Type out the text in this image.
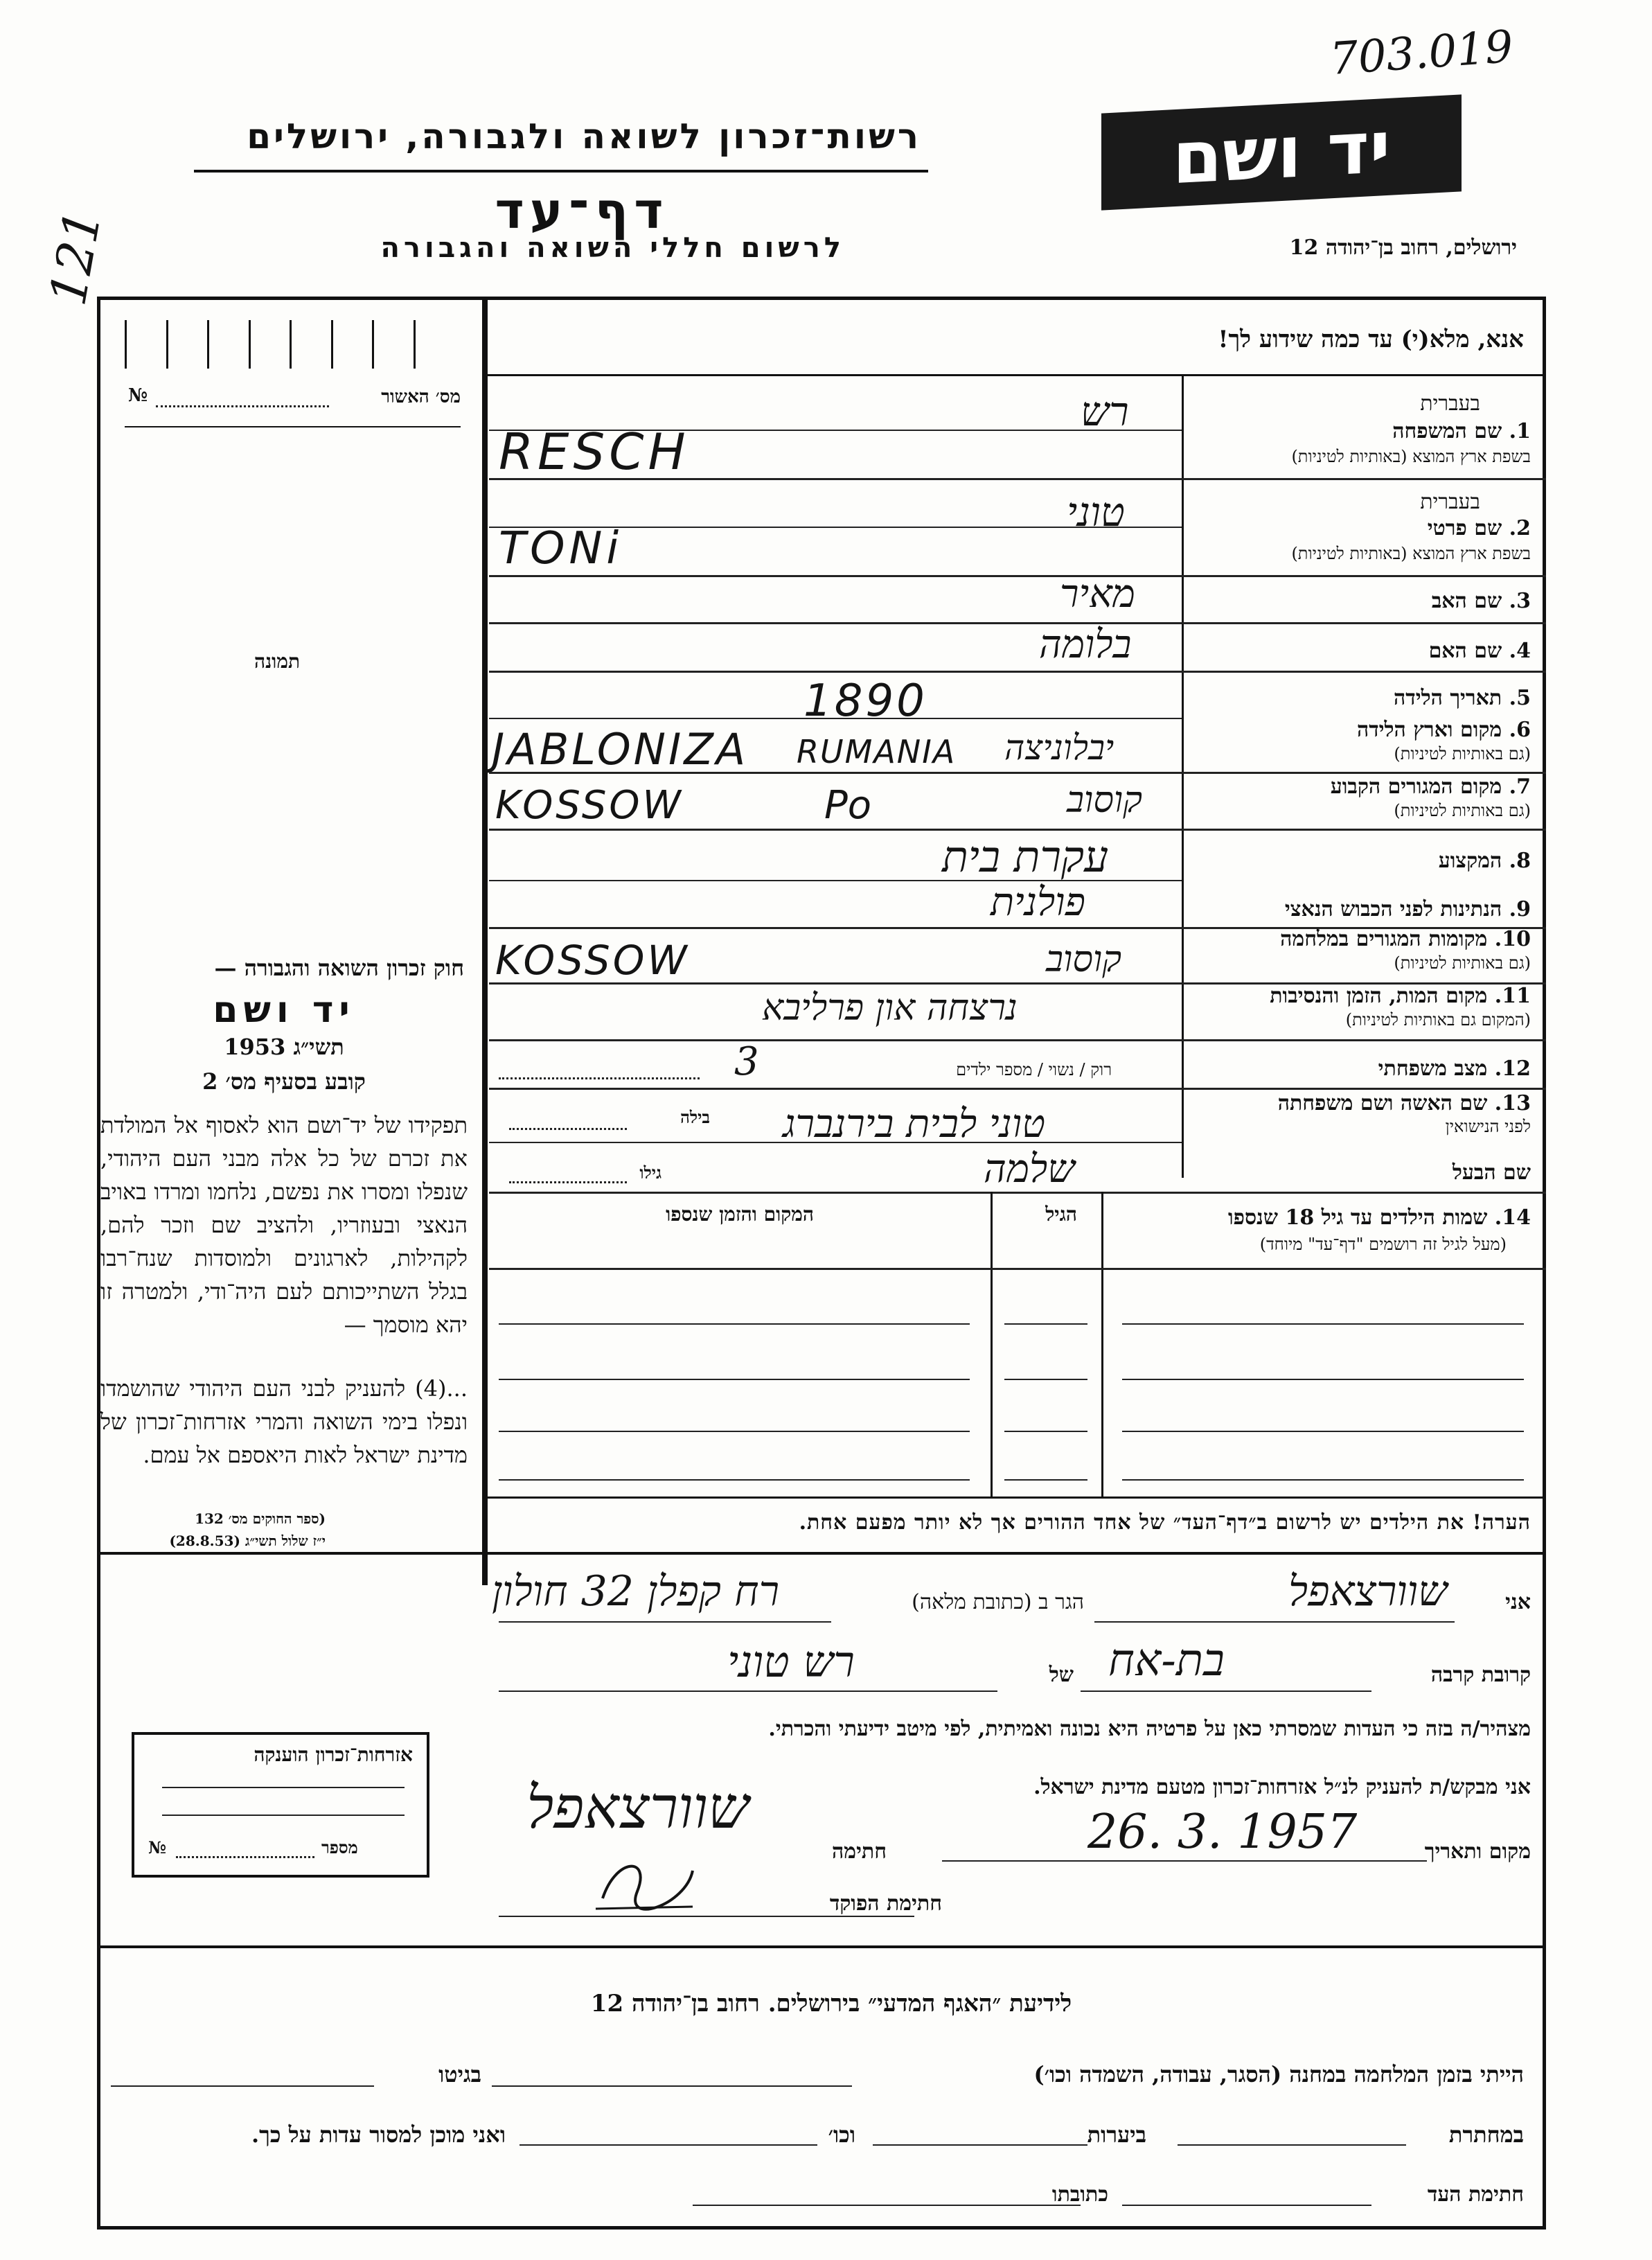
703.019
121
יד ושם
רשות־זכרון לשואה ולגבורה, ירושלים
דף־עד
לרשום חללי השואה והגבורה	ירושלים, רחוב בן־יהודה 12
מס׳ האשור
№
תמונה
חוק זכרון השואה והגבורה —
יד ושם
תשי״ג 1953
קובע בסעיף מס׳ 2
תפקידו של יד־ושם הוא לאסוף אל המולדת את זכרם של כל אלה מבני העם היהודי, שנפלו ומסרו את נפשם, נלחמו ומרדו באויב הנאצי ובעוזריו, ולהציב שם וזכר להם, לקהילות, לארגונים ולמוסדות שנח־רבו בגלל השתייכותם לעם היה־ודי, ולמטרה זו יהא מוסמך —
...(4) להעניק לבני העם היהודי שהושמדו ונפלו בימי השואה והמרי אזרחות־זכרון של מדינת ישראל לאות היאספם אל עמם.
(ספר החוקים מס׳ 132
י״ז שלול תשי״ג (28.8.53)
אנא, מלא(י) עד כמה שידוע לך!
בעברית
1. שם המשפחה
בשפת ארץ המוצא (באותיות לטיניות)
רש
RESCH
בעברית
2. שם פרטי
בשפת ארץ המוצא (באותיות לטיניות)
טוני
TONi
3. שם האב
מאיר
4. שם האם
בלומה
5. תאריך הלידה
1890
6. מקום וארץ הלידה
(גם באותיות לטיניות)
יבלוניצה
JABLONIZA RUMANIA
7. מקום המגורים הקבוע
(גם באותיות לטיניות)
קוסוב
KOSSOW	Po
8. המקצוע
עקרת בית
9. הנתינות לפני הכבוש הנאצי
פולנית
10. מקומות המגורים במלחמה
(גם באותיות לטיניות)
קוסוב
KOSSOW
11. מקום המות, הזמן והנסיבות
(המקום גם באותיות לטיניות)
נרצחה און פרליבא
12. מצב משפחתי
רוק / נשוי / מספר ילדים
3
13. שם האשה ושם משפחתה
לפני הנישואין
בילה טוני לבית בירנברג
שם הבעל
גילו	שלמה
14. שמות הילדים עד גיל 18 שנספו
(מעל לגיל זה רושמים "דף־עד" מיוחד)
הגיל
המקום והזמן שנספו
הערה! את הילדים יש לרשום ב״דף־העד״ של אחד ההורים אך לא יותר מפעם אחת.
אני
שוורצאפל
הגר ב (כתובת מלאה)
רח קפלן 32 חולון
קרובת קרבה
בת-אח
של
רש טוני
מצהיר/ה בזה כי העדות שמסרתי כאן על פרטיה היא נכונה ואמיתית, לפי מיטב ידיעתי והכרתי.
אני מבקש/ת להעניק לנ״ל אזרחות־זכרון מטעם מדינת ישראל.
מקום ותאריך
26. 3. 1957
חתימה
שוורצאפל
חתימת הפוקד
אזרחות־זכרון הוענקה
№	מספר
לידיעת ״האגף המדעי״ בירושלים. רחוב בן־יהודה 12
הייתי בזמן המלחמה במחנה (הסגר, עבודה, השמדה וכו׳)
בגיטו
במחתרת
ביערות
וכו׳
ואני מוכן למסור עדות על כך.
חתימת העד
כתובתו
